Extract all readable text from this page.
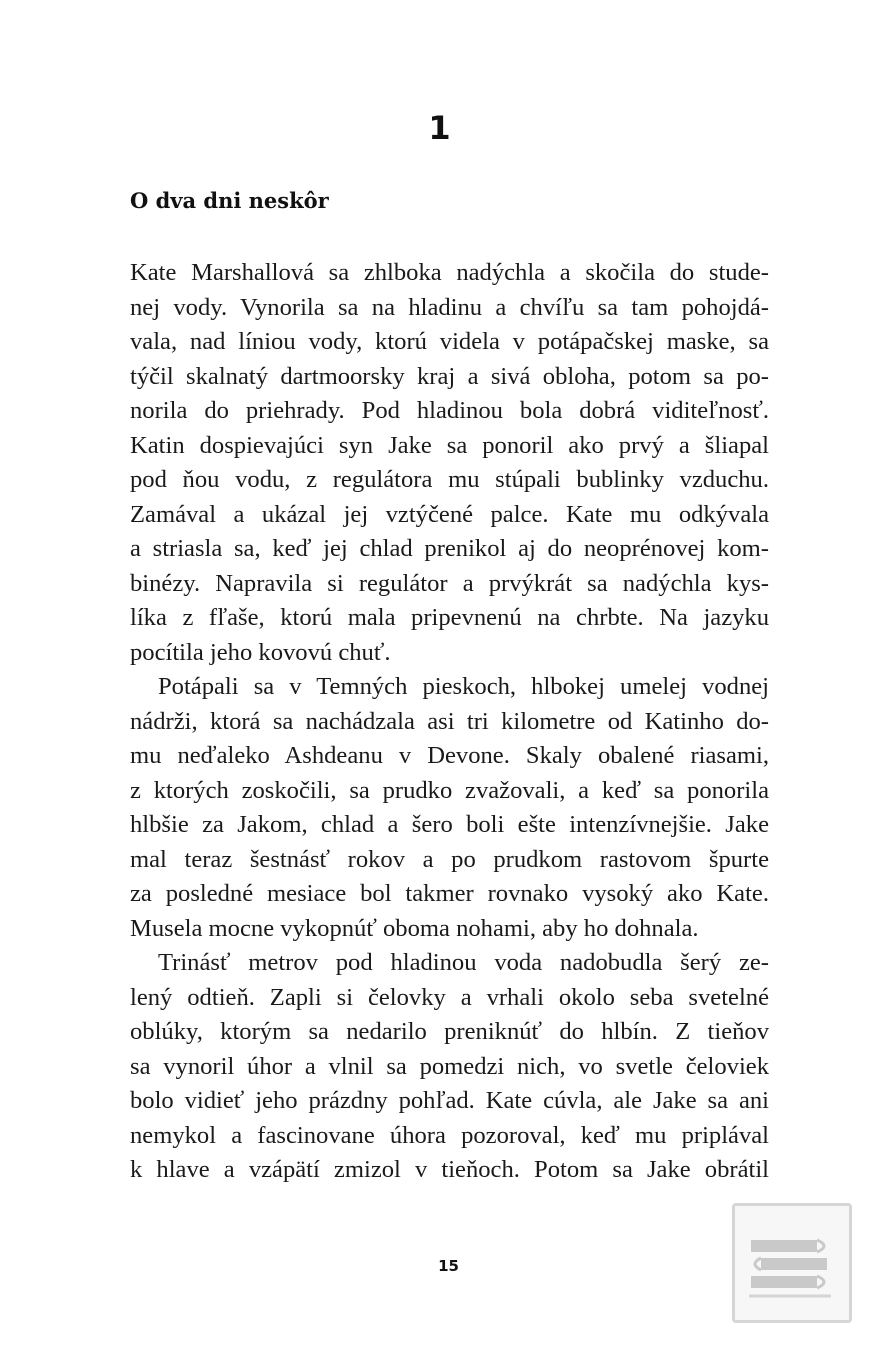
1
O dva dni neskôr
Kate Marshallová sa zhlboka nadýchla a skočila do stude-
nej vody. Vynorila sa na hladinu a chvíľu sa tam pohojdá-
vala, nad líniou vody, ktorú videla v potápačskej maske, sa
týčil skalnatý dartmoorsky kraj a sivá obloha, potom sa po-
norila do priehrady. Pod hladinou bola dobrá viditeľnosť.
Katin dospievajúci syn Jake sa ponoril ako prvý a šliapal
pod ňou vodu, z regulátora mu stúpali bublinky vzduchu.
Zamával a ukázal jej vztýčené palce. Kate mu odkývala
a striasla sa, keď jej chlad prenikol aj do neoprénovej kom-
binézy. Napravila si regulátor a prvýkrát sa nadýchla kys-
líka z fľaše, ktorú mala pripevnenú na chrbte. Na jazyku
pocítila jeho kovovú chuť.
Potápali sa v Temných pieskoch, hlbokej umelej vodnej
nádrži, ktorá sa nachádzala asi tri kilometre od Katinho do-
mu neďaleko Ashdeanu v Devone. Skaly obalené riasami,
z ktorých zoskočili, sa prudko zvažovali, a keď sa ponorila
hlbšie za Jakom, chlad a šero boli ešte intenzívnejšie. Jake
mal teraz šestnásť rokov a po prudkom rastovom špurte
za posledné mesiace bol takmer rovnako vysoký ako Kate.
Musela mocne vykopnúť oboma nohami, aby ho dohnala.
Trinásť metrov pod hladinou voda nadobudla šerý ze-
lený odtieň. Zapli si čelovky a vrhali okolo seba svetelné
oblúky, ktorým sa nedarilo preniknúť do hlbín. Z tieňov
sa vynoril úhor a vlnil sa pomedzi nich, vo svetle čeloviek
bolo vidieť jeho prázdny pohľad. Kate cúvla, ale Jake sa ani
nemykol a fascinovane úhora pozoroval, keď mu priplával
k hlave a vzápätí zmizol v tieňoch. Potom sa Jake obrátil
15
